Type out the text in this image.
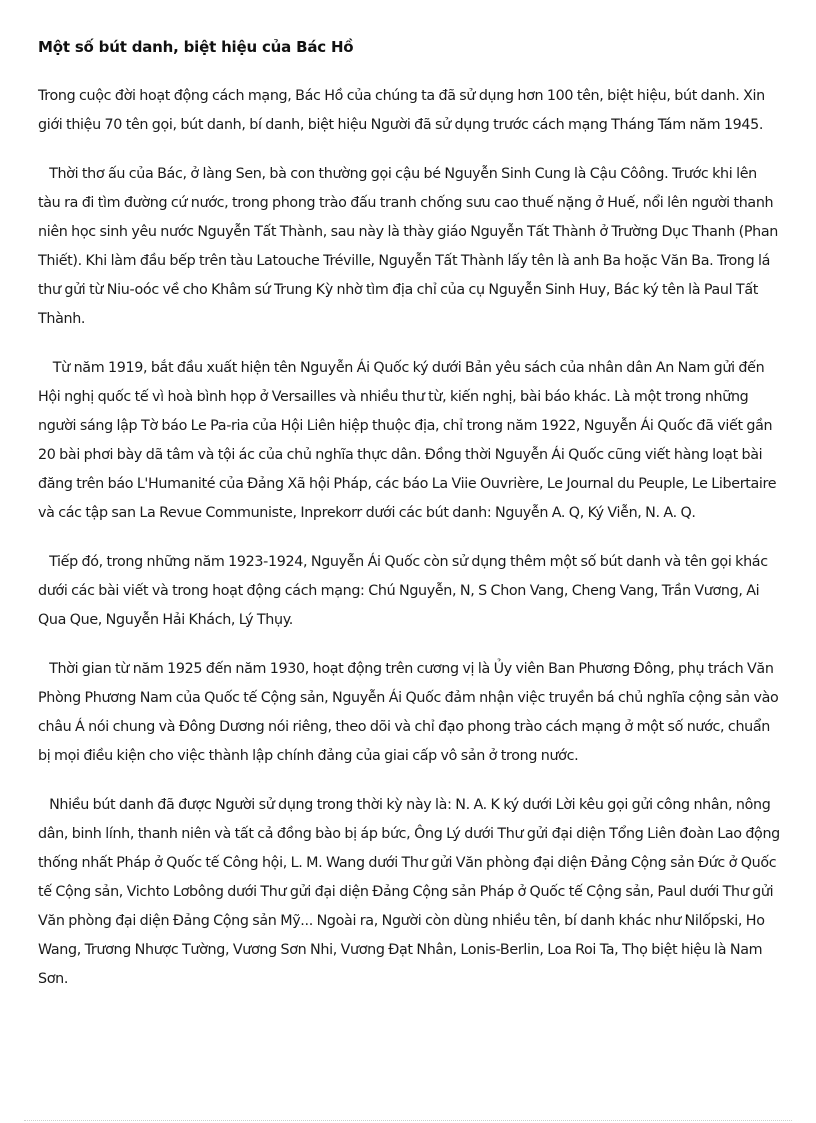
Một số bút danh, biệt hiệu của Bác Hồ
Trong cuộc đời hoạt động cách mạng, Bác Hồ của chúng ta đã sử dụng hơn 100 tên, biệt hiệu, bút danh. Xin giới thiệu 70 tên gọi, bút danh, bí danh, biệt hiệu Người đã sử dụng trước cách mạng Tháng Tám năm 1945.
Thời thơ ấu của Bác, ở làng Sen, bà con thường gọi cậu bé Nguyễn Sinh Cung là Cậu Côông. Trước khi lên tàu ra đi tìm đường cứ nước, trong phong trào đấu tranh chống sưu cao thuế nặng ở Huế, nổi lên người thanh niên học sinh yêu nước Nguyễn Tất Thành, sau này là thày giáo Nguyễn Tất Thành ở Trường Dục Thanh (Phan Thiết). Khi làm đầu bếp trên tàu Latouche Tréville, Nguyễn Tất Thành lấy tên là anh Ba hoặc Văn Ba. Trong lá thư gửi từ Niu-oóc về cho Khâm sứ Trung Kỳ nhờ tìm địa chỉ của cụ Nguyễn Sinh Huy, Bác ký tên là Paul Tất Thành.
Từ năm 1919, bắt đầu xuất hiện tên Nguyễn Ái Quốc ký dưới Bản yêu sách của nhân dân An Nam gửi đến Hội nghị quốc tế vì hoà bình họp ở Versailles và nhiều thư từ, kiến nghị, bài báo khác. Là một trong những người sáng lập Tờ báo Le Pa-ria của Hội Liên hiệp thuộc địa, chỉ trong năm 1922, Nguyễn Ái Quốc đã viết gần 20 bài phơi bày dã tâm và tội ác của chủ nghĩa thực dân. Đồng thời Nguyễn Ái Quốc cũng viết hàng loạt bài đăng trên báo L'Humanité của Đảng Xã hội Pháp, các báo La Viie Ouvrière, Le Journal du Peuple, Le Libertaire và các tập san La Revue Communiste, Inprekorr dưới các bút danh: Nguyễn A. Q, Ký Viễn, N. A. Q.
Tiếp đó, trong những năm 1923-1924, Nguyễn Ái Quốc còn sử dụng thêm một số bút danh và tên gọi khác dưới các bài viết và trong hoạt động cách mạng: Chú Nguyễn, N, S Chon Vang, Cheng Vang, Trần Vương, Ai Qua Que, Nguyễn Hải Khách, Lý Thụy.
Thời gian từ năm 1925 đến năm 1930, hoạt động trên cương vị là Ủy viên Ban Phương Đông, phụ trách Văn Phòng Phương Nam của Quốc tế Cộng sản, Nguyễn Ái Quốc đảm nhận việc truyền bá chủ nghĩa cộng sản vào châu Á nói chung và Đông Dương nói riêng, theo dõi và chỉ đạo phong trào cách mạng ở một số nước, chuẩn bị mọi điều kiện cho việc thành lập chính đảng của giai cấp vô sản ở trong nước.
Nhiều bút danh đã được Người sử dụng trong thời kỳ này là: N. A. K ký dưới Lời kêu gọi gửi công nhân, nông dân, binh lính, thanh niên và tất cả đồng bào bị áp bức, Ông Lý dưới Thư gửi đại diện Tổng Liên đoàn Lao động thống nhất Pháp ở Quốc tế Công hội, L. M. Wang dưới Thư gửi Văn phòng đại diện Đảng Cộng sản Đức ở Quốc tế Cộng sản, Vichto Lơbông dưới Thư gửi đại diện Đảng Cộng sản Pháp ở Quốc tế Cộng sản, Paul dưới Thư gửi Văn phòng đại diện Đảng Cộng sản Mỹ... Ngoài ra, Người còn dùng nhiều tên, bí danh khác như Nilốpski, Ho Wang, Trương Nhược Tường, Vương Sơn Nhi, Vương Đạt Nhân, Lonis-Berlin, Loa Roi Ta, Thọ biệt hiệu là Nam Sơn.
